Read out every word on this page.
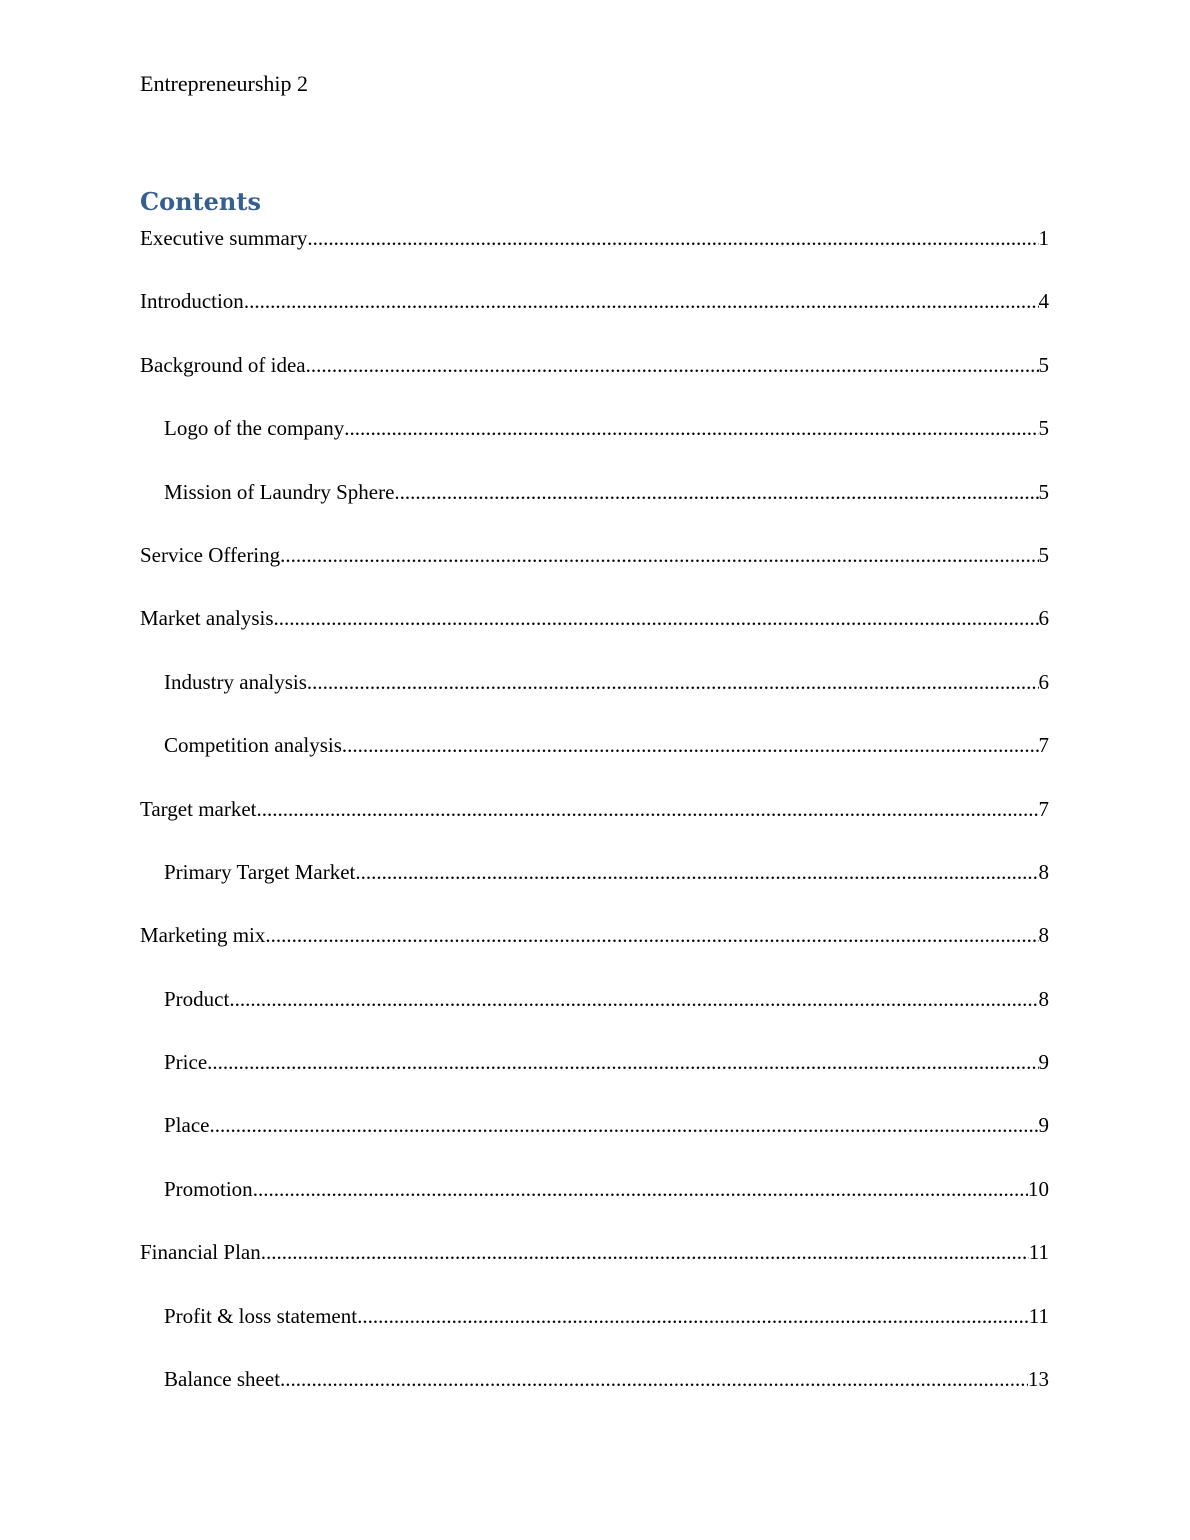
Entrepreneurship 2
Contents
Executive summary .....	1
Introduction .....	4
Background of idea .....	5
Logo of the company .....	5
Mission of Laundry Sphere .....	5
Service Offering .....	5
Market analysis .....	6
Industry analysis .....	6
Competition analysis .....	7
Target market .....	7
Primary Target Market .....	8
Marketing mix .....	8
Product .....	8
Price .....	9
Place .....	9
Promotion .....	10
Financial Plan .....	11
Profit & loss statement .....	11
Balance sheet .....	13
